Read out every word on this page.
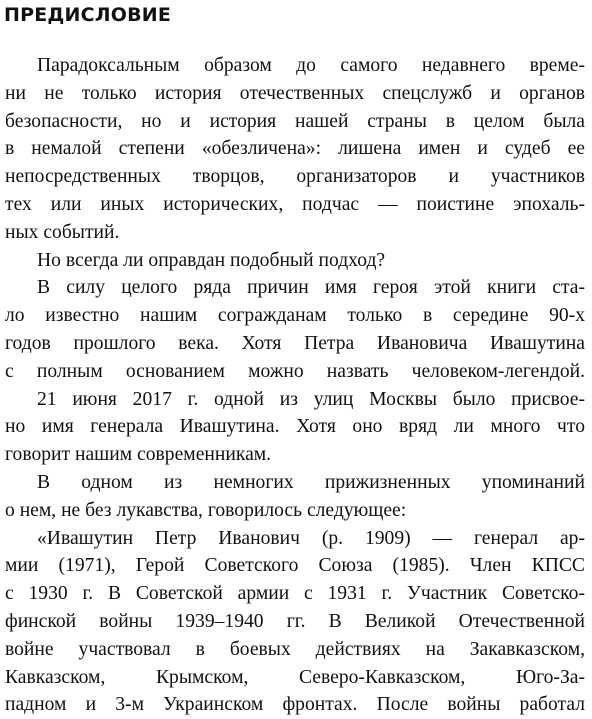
ПРЕДИСЛОВИЕ
Парадоксальным образом до самого недавнего време-
ни не только история отечественных спецслужб и органов
безопасности, но и история нашей страны в целом была
в немалой степени «обезличена»: лишена имен и судеб ее
непосредственных творцов, организаторов и участников
тех или иных исторических, подчас — поистине эпохаль-
ных событий.
Но всегда ли оправдан подобный подход?
В силу целого ряда причин имя героя этой книги ста-
ло известно нашим согражданам только в середине 90-х
годов прошлого века. Хотя Петра Ивановича Ивашутина
с полным основанием можно назвать человеком-легендой.
21 июня 2017 г. одной из улиц Москвы было присвое-
но имя генерала Ивашутина. Хотя оно вряд ли много что
говорит нашим современникам.
В одном из немногих прижизненных упоминаний
о нем, не без лукавства, говорилось следующее:
«Ивашутин Петр Иванович (р. 1909) — генерал ар-
мии (1971), Герой Советского Союза (1985). Член КПСС
с 1930 г. В Советской армии с 1931 г. Участник Советско-
финской войны 1939–1940 гг. В Великой Отечественной
войне участвовал в боевых действиях на Закавказском,
Кавказском, Крымском, Северо-Кавказском, Юго-За-
падном и 3-м Украинском фронтах. После войны работал
